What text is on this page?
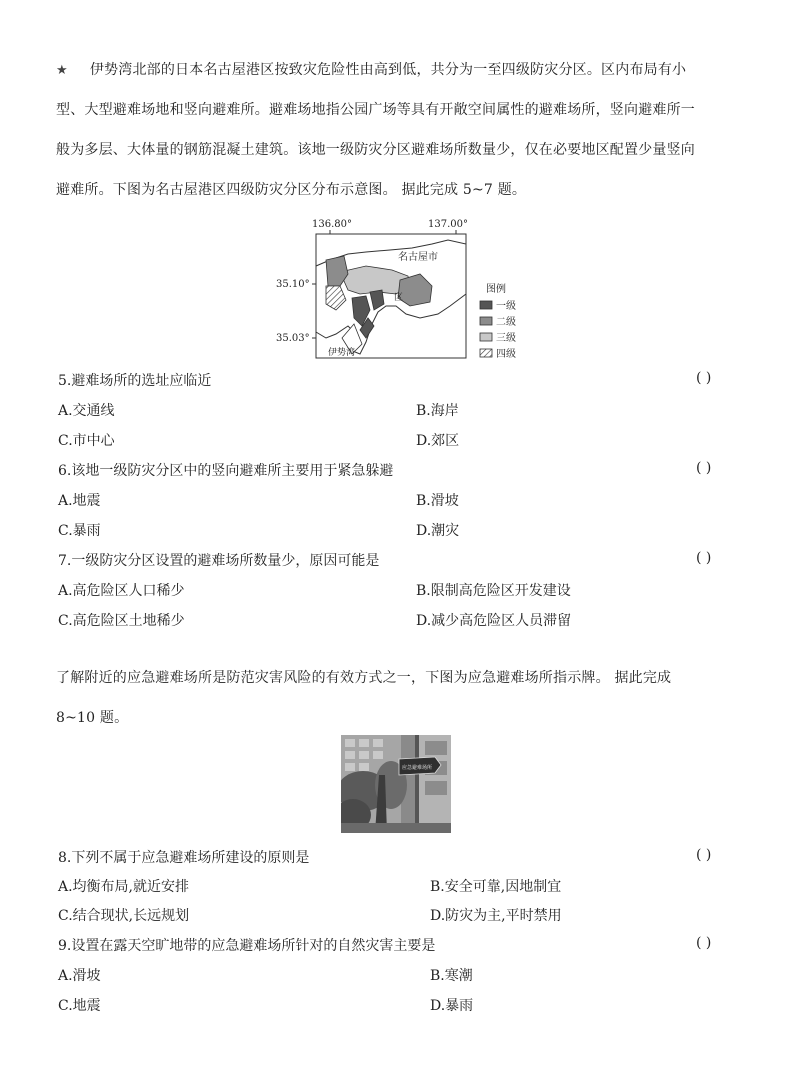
★ 伊势湾北部的日本名古屋港区按致灾危险性由高到低，共分为一至四级防灾分区。区内布局有小
型、大型避难场地和竖向避难所。避难场地指公园广场等具有开敞空间属性的避难场所，竖向避难所一
般为多层、大体量的钢筋混凝土建筑。该地一级防灾分区避难场所数量少，仅在必要地区配置少量竖向
避难所。下图为名古屋港区四级防灾分区分布示意图。 据此完成 5~7 题。
136.80°	137.00°
35.10°
35.03°
名古屋市
区
伊势湾
图例
一级
二级
三级
四级
5.避难场所的选址应临近	( )
A.交通线	B.海岸
C.市中心	D.郊区
6.该地一级防灾分区中的竖向避难所主要用于紧急躲避	( )
A.地震	B.滑坡
C.暴雨	D.潮灾
7.一级防灾分区设置的避难场所数量少，原因可能是	( )
A.高危险区人口稀少	B.限制高危险区开发建设
C.高危险区土地稀少	D.减少高危险区人员滞留
了解附近的应急避难场所是防范灾害风险的有效方式之一，下图为应急避难场所指示牌。 据此完成
8~10 题。
应急避难场所
8.下列不属于应急避难场所建设的原则是	( )
A.均衡布局,就近安排	B.安全可靠,因地制宜
C.结合现状,长远规划	D.防灾为主,平时禁用
9.设置在露天空旷地带的应急避难场所针对的自然灾害主要是	( )
A.滑坡	B.寒潮
C.地震	D.暴雨
